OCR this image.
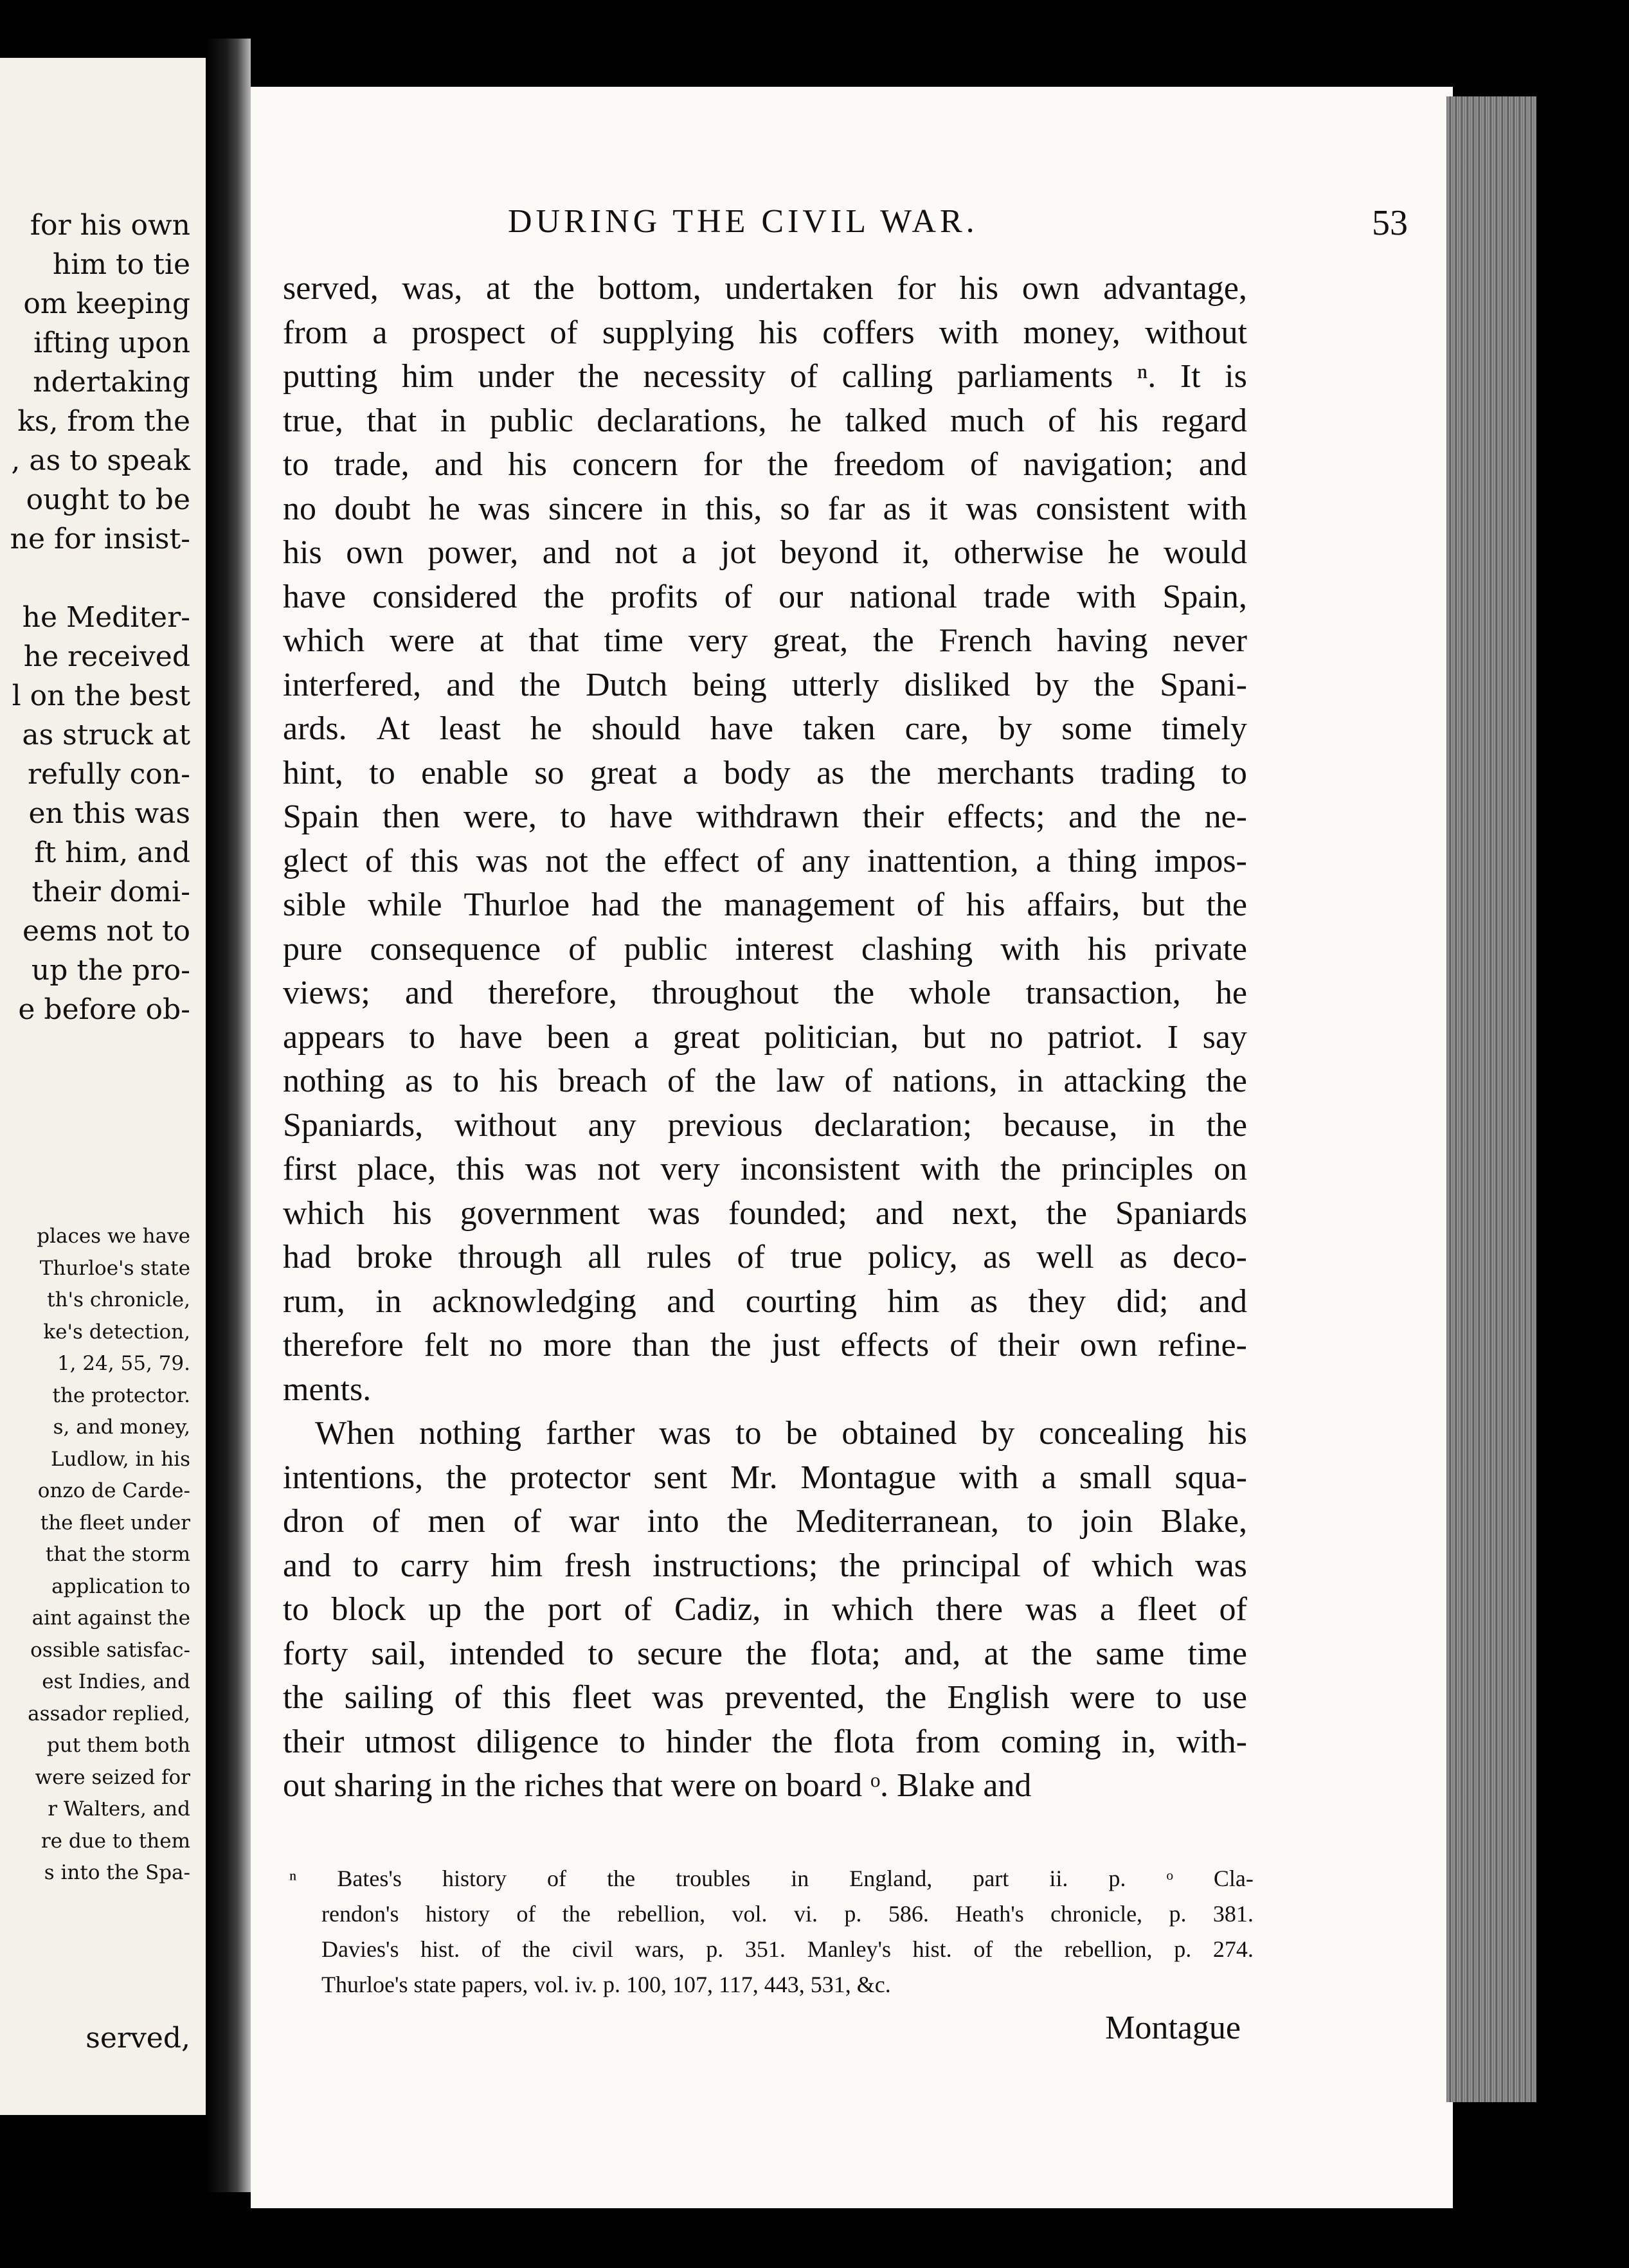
for his own
him to tie
om keeping
ifting upon
ndertaking
ks, from the
, as to speak
ought to be
ne for insist-
he Mediter-
he received
l on the best
as struck at
refully con-
en this was
ft him, and
their domi-
eems not to
up the pro-
e before ob-
places we have
Thurloe's state
th's chronicle,
ke's detection,
1, 24, 55, 79.
the protector.
s, and money,
Ludlow, in his
onzo de Carde-
the fleet under
that the storm
application to
aint against the
ossible satisfac-
est Indies, and
assador replied,
put them both
were seized for
r Walters, and
re due to them
s into the Spa-
served,
DURING THE CIVIL WAR.	53
served, was, at the bottom, undertaken for his own advantage,
from a prospect of supplying his coffers with money, without
putting him under the necessity of calling parliaments ⁿ. It is
true, that in public declarations, he talked much of his regard
to trade, and his concern for the freedom of navigation; and
no doubt he was sincere in this, so far as it was consistent with
his own power, and not a jot beyond it, otherwise he would
have considered the profits of our national trade with Spain,
which were at that time very great, the French having never
interfered, and the Dutch being utterly disliked by the Spani-
ards. At least he should have taken care, by some timely
hint, to enable so great a body as the merchants trading to
Spain then were, to have withdrawn their effects; and the ne-
glect of this was not the effect of any inattention, a thing impos-
sible while Thurloe had the management of his affairs, but the
pure consequence of public interest clashing with his private
views; and therefore, throughout the whole transaction, he
appears to have been a great politician, but no patriot. I say
nothing as to his breach of the law of nations, in attacking the
Spaniards, without any previous declaration; because, in the
first place, this was not very inconsistent with the principles on
which his government was founded; and next, the Spaniards
had broke through all rules of true policy, as well as deco-
rum, in acknowledging and courting him as they did; and
therefore felt no more than the just effects of their own refine-
ments.
When nothing farther was to be obtained by concealing his
intentions, the protector sent Mr. Montague with a small squa-
dron of men of war into the Mediterranean, to join Blake,
and to carry him fresh instructions; the principal of which was
to block up the port of Cadiz, in which there was a fleet of
forty sail, intended to secure the flota; and, at the same time
the sailing of this fleet was prevented, the English were to use
their utmost diligence to hinder the flota from coming in, with-
out sharing in the riches that were on board ᵒ. Blake and
ⁿ Bates's history of the troubles in England, part ii. p. ᵒ Cla-
rendon's history of the rebellion, vol. vi. p. 586. Heath's chronicle, p. 381.
Davies's hist. of the civil wars, p. 351. Manley's hist. of the rebellion, p. 274.
Thurloe's state papers, vol. iv. p. 100, 107, 117, 443, 531, &c.
Montague
